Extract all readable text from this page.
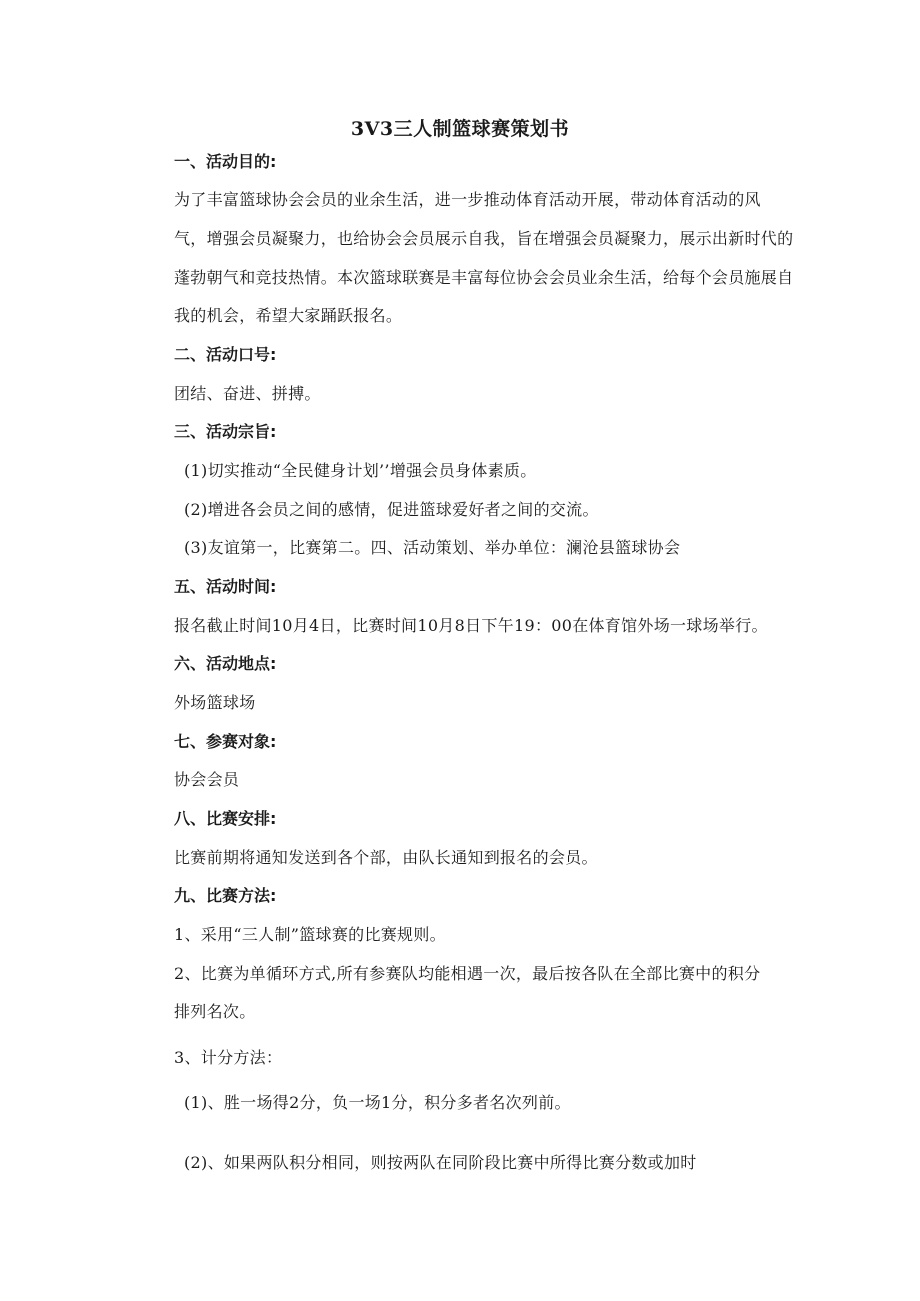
3V3三人制篮球赛策划书
一、活动目的:
为了丰富篮球协会会员的业余生活，进一步推动体育活动开展，带动体育活动的风
气，增强会员凝聚力，也给协会会员展示自我，旨在增强会员凝聚力，展示出新时代的
蓬勃朝气和竞技热情。本次篮球联赛是丰富每位协会会员业余生活，给每个会员施展自
我的机会，希望大家踊跃报名。
二、活动口号:
团结、奋进、拼搏。
三、活动宗旨:
(1)切实推动“全民健身计划’’增强会员身体素质。
(2)增进各会员之间的感情，促进篮球爱好者之间的交流。
(3)友谊第一，比赛第二。四、活动策划、举办单位：澜沧县篮球协会
五、活动时间:
报名截止时间10月4日，比赛时间10月8日下午19：00在体育馆外场一球场举行。
六、活动地点:
外场篮球场
七、参赛对象:
协会会员
八、比赛安排:
比赛前期将通知发送到各个部，由队长通知到报名的会员。
九、比赛方法:
1、采用“三人制”篮球赛的比赛规则。
2、比赛为单循环方式,所有参赛队均能相遇一次，最后按各队在全部比赛中的积分
排列名次。
3、计分方法：
(1)、胜一场得2分，负一场1分，积分多者名次列前。
(2)、如果两队积分相同，则按两队在同阶段比赛中所得比赛分数或加时
